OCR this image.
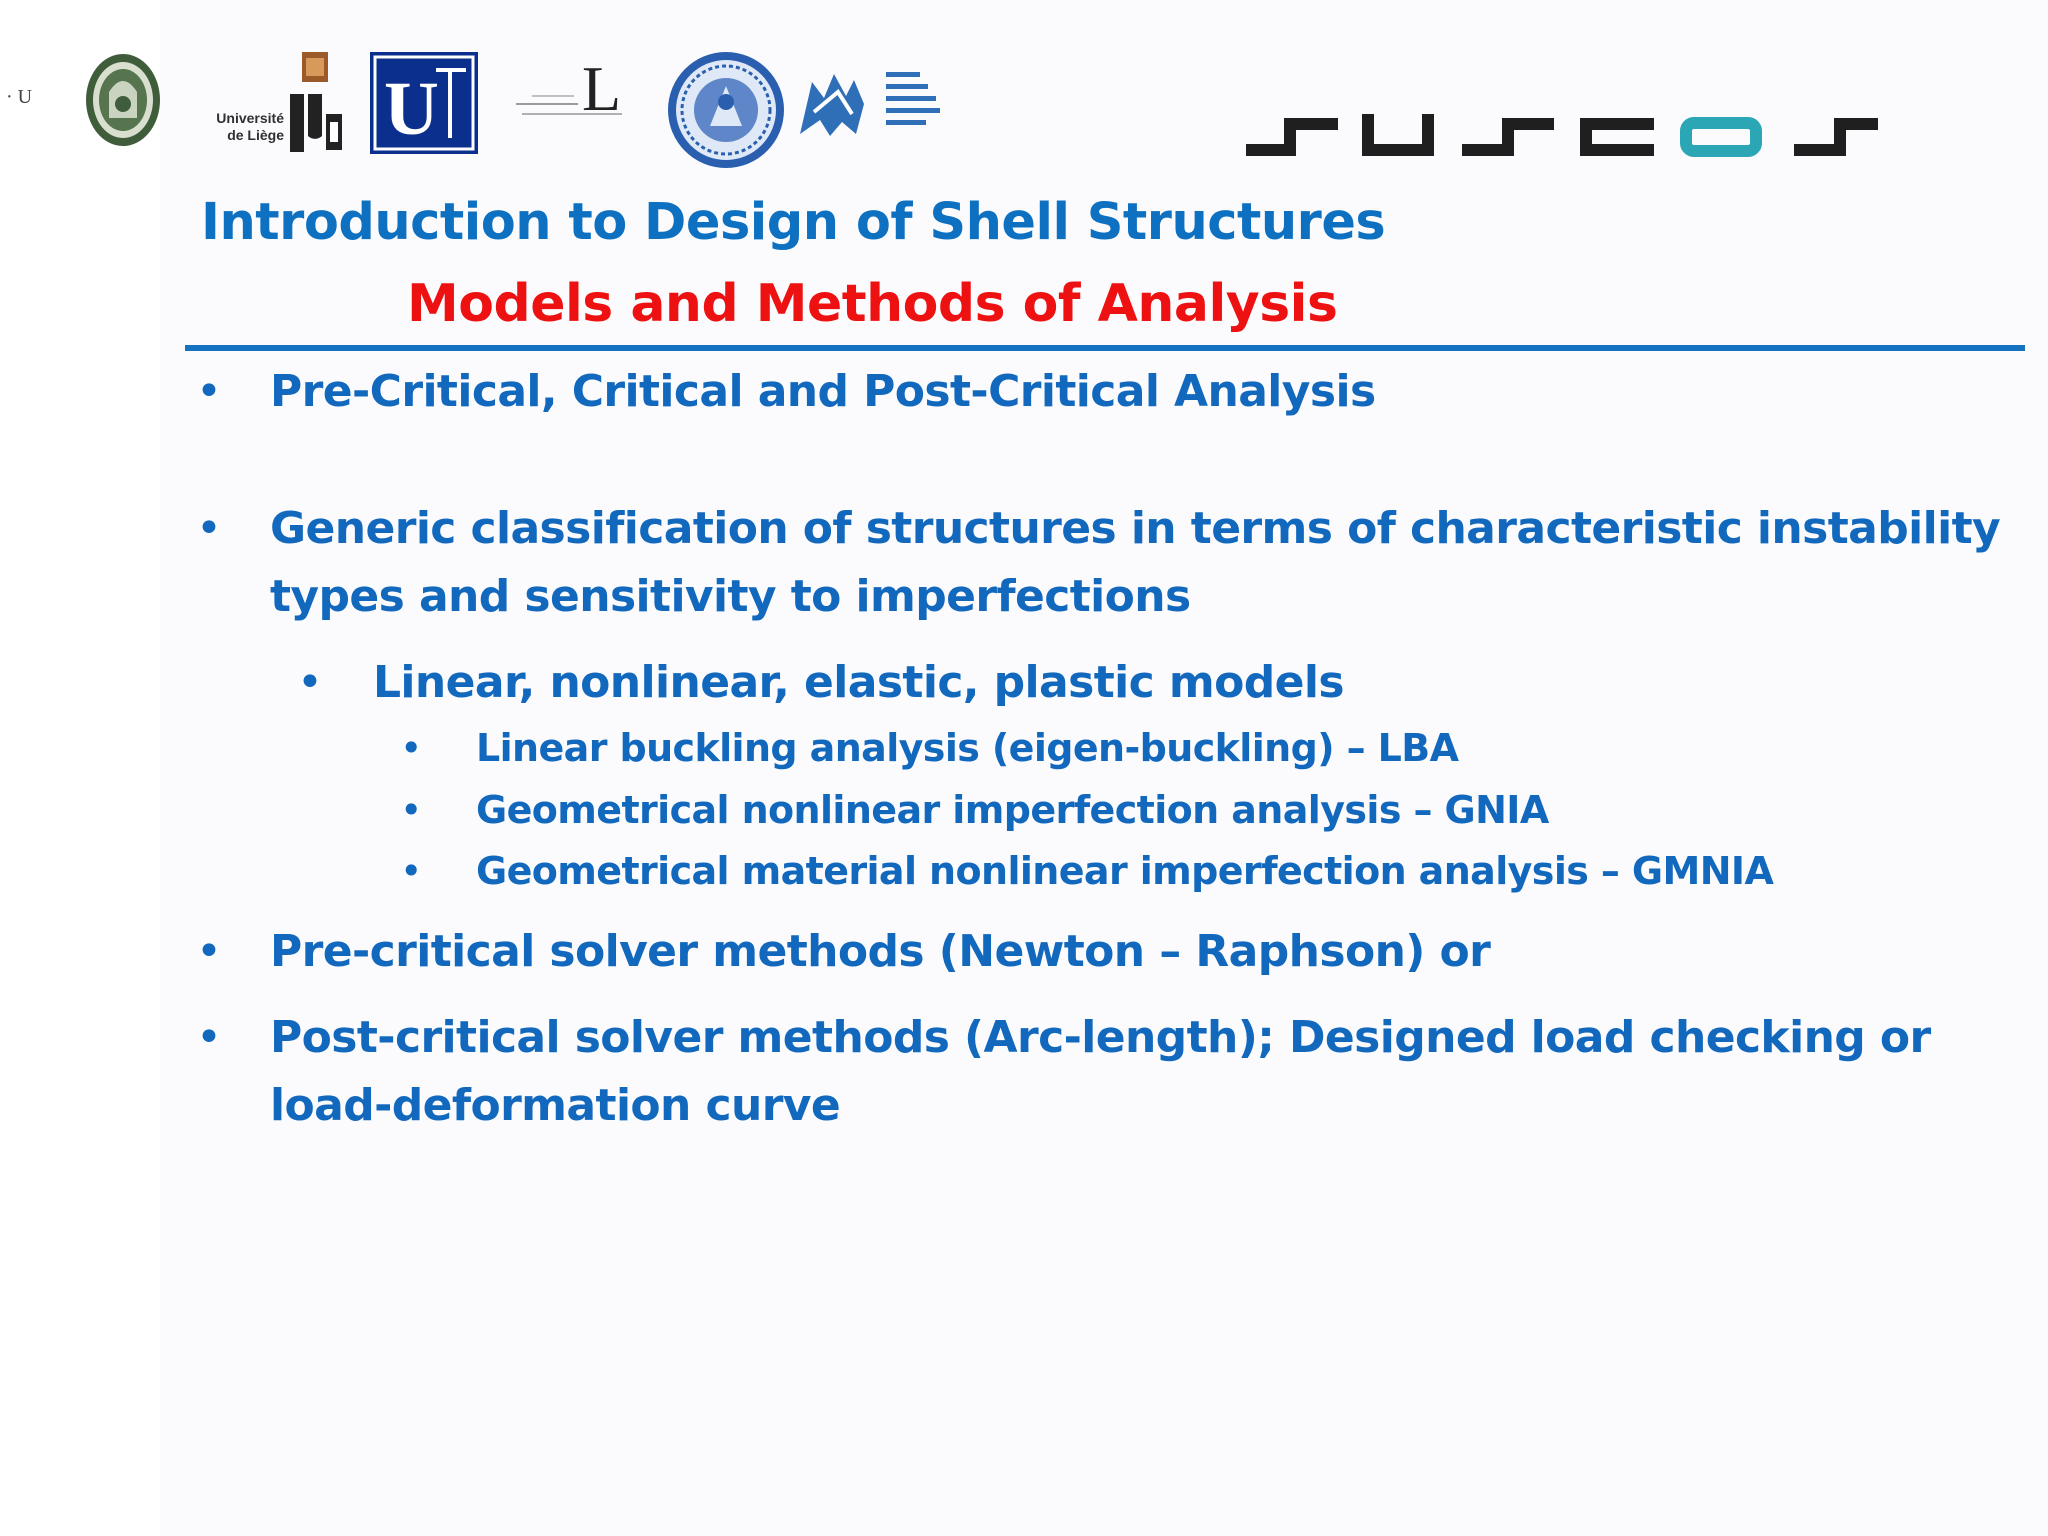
· U
Université
de Liège U L
Introduction to Design of Shell Structures
Models and Methods of Analysis
• Pre-Critical, Critical and Post-Critical Analysis
• Generic classification of structures in terms of characteristic instability
types and sensitivity to imperfections
• Linear, nonlinear, elastic, plastic models
• Linear buckling analysis (eigen-buckling) – LBA
• Geometrical nonlinear imperfection analysis – GNIA
• Geometrical material nonlinear imperfection analysis – GMNIA
• Pre-critical solver methods (Newton – Raphson) or
• Post-critical solver methods (Arc-length); Designed load checking or
load-deformation curve
